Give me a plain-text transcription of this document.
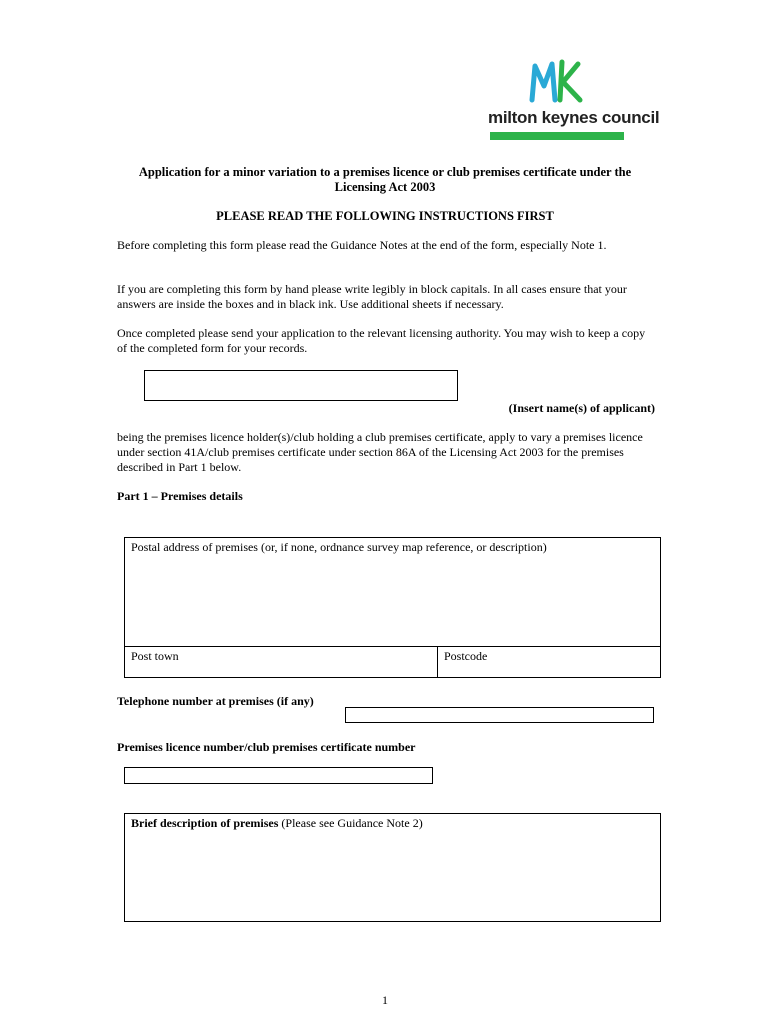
milton keynes council
Application for a minor variation to a premises licence or club premises certificate under the
Licensing Act 2003
PLEASE READ THE FOLLOWING INSTRUCTIONS FIRST
Before completing this form please read the Guidance Notes at the end of the form, especially Note 1.
If you are completing this form by hand please write legibly in block capitals. In all cases ensure that your answers are inside the boxes and in black ink. Use additional sheets if necessary.
Once completed please send your application to the relevant licensing authority. You may wish to keep a copy of the completed form for your records.
(Insert name(s) of applicant)
being the premises licence holder(s)/club holding a club premises certificate, apply to vary a premises licence under section 41A/club premises certificate under section 86A of the Licensing Act 2003 for the premises described in Part 1 below.
Part 1 – Premises details
Postal address of premises (or, if none, ordnance survey map reference, or description)
Post town	Postcode
Telephone number at premises (if any)
Premises licence number/club premises certificate number
Brief description of premises (Please see Guidance Note 2)
1
